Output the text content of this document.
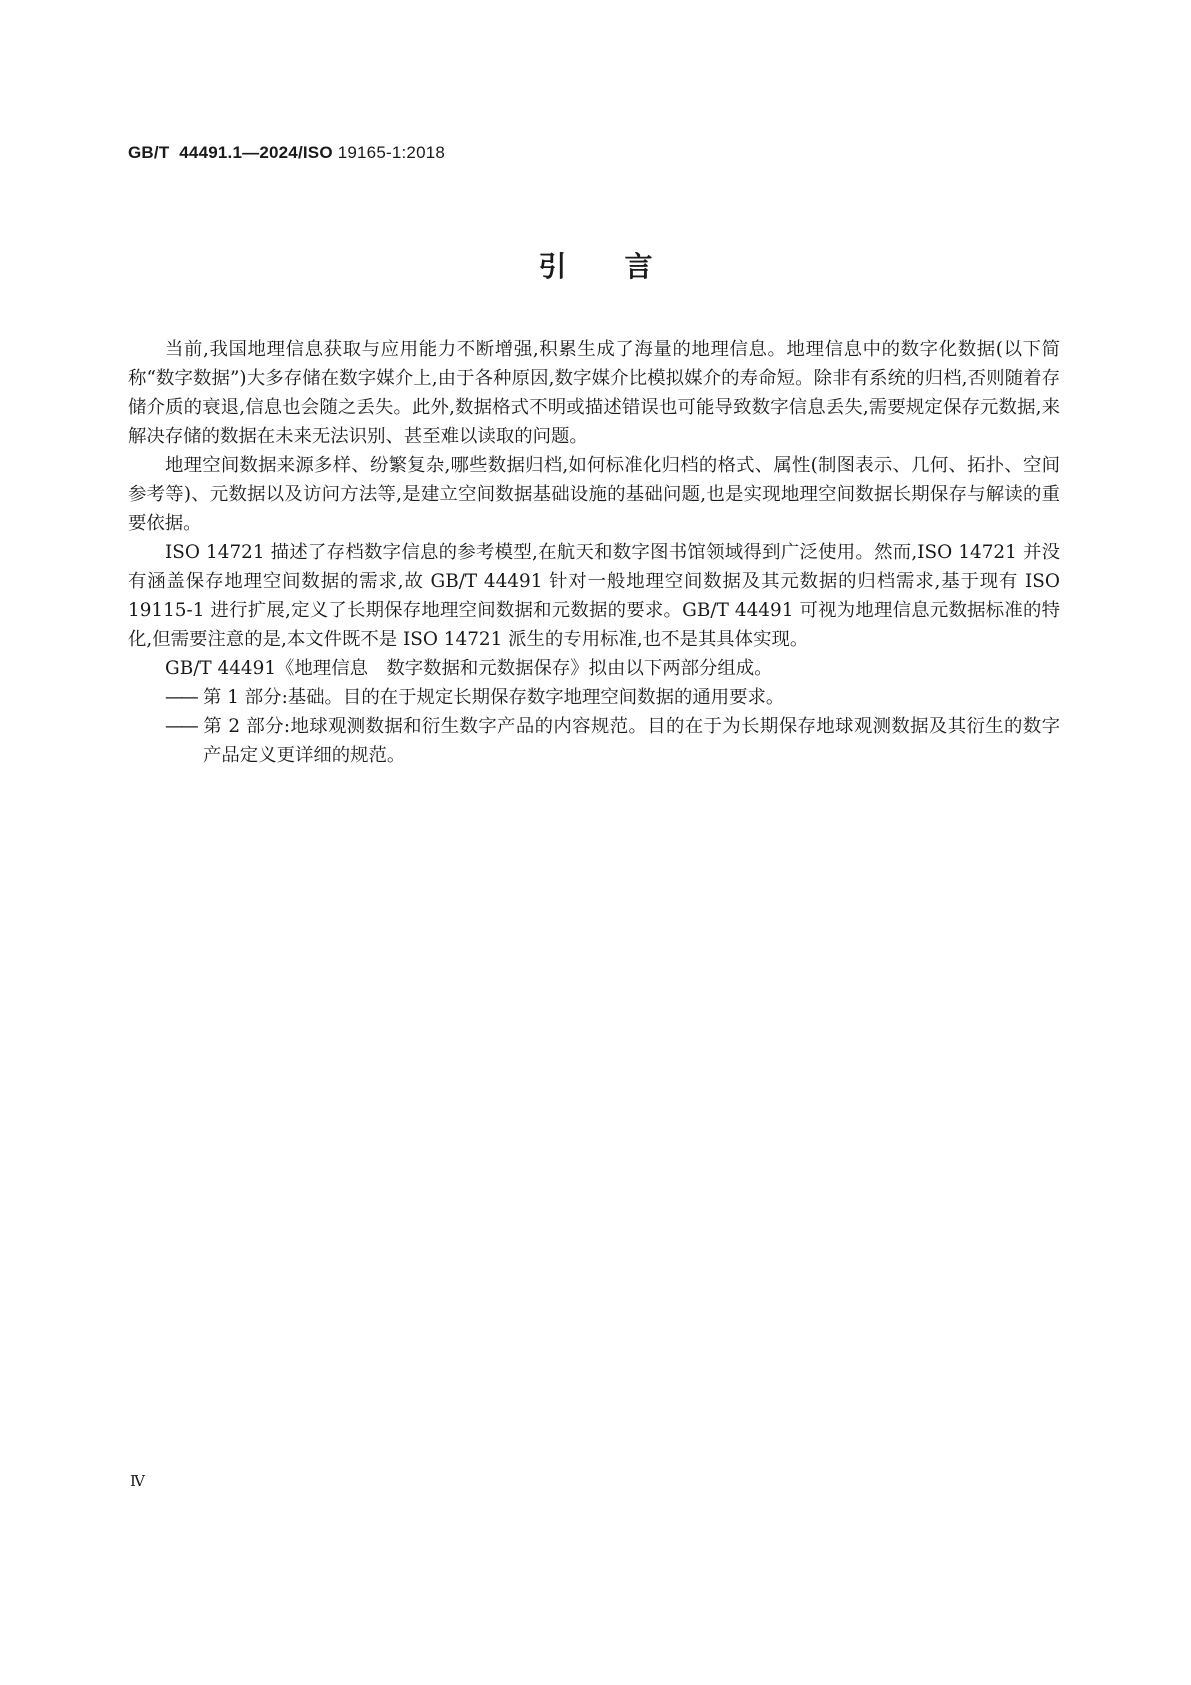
GB/T 44491.1—2024/ISO 19165-1:2018
引言

当前,我国地理信息获取与应用能力不断增强,积累生成了海量的地理信息。地理信息中的数字化数据(以下简称“数字数据”)大多存储在数字媒介上,由于各种原因,数字媒介比模拟媒介的寿命短。除非有系统的归档,否则随着存储介质的衰退,信息也会随之丢失。此外,数据格式不明或描述错误也可能导致数字信息丢失,需要规定保存元数据,来解决存储的数据在未来无法识别、甚至难以读取的问题。

地理空间数据来源多样、纷繁复杂,哪些数据归档,如何标准化归档的格式、属性(制图表示、几何、拓扑、空间参考等)、元数据以及访问方法等,是建立空间数据基础设施的基础问题,也是实现地理空间数据长期保存与解读的重要依据。

ISO 14721 描述了存档数字信息的参考模型,在航天和数字图书馆领域得到广泛使用。然而,ISO 14721 并没有涵盖保存地理空间数据的需求,故 GB/T 44491 针对一般地理空间数据及其元数据的归档需求,基于现有 ISO 19115-1 进行扩展,定义了长期保存地理空间数据和元数据的要求。GB/T 44491 可视为地理信息元数据标准的特化,但需要注意的是,本文件既不是 ISO 14721 派生的专用标准,也不是其具体实现。

GB/T 44491《地理信息　数字数据和元数据保存》拟由以下两部分组成。

—— 第 1 部分:基础。目的在于规定长期保存数字地理空间数据的通用要求。
—— 第 2 部分:地球观测数据和衍生数字产品的内容规范。目的在于为长期保存地球观测数据及其衍生的数字产品定义更详细的规范。
Ⅳ
